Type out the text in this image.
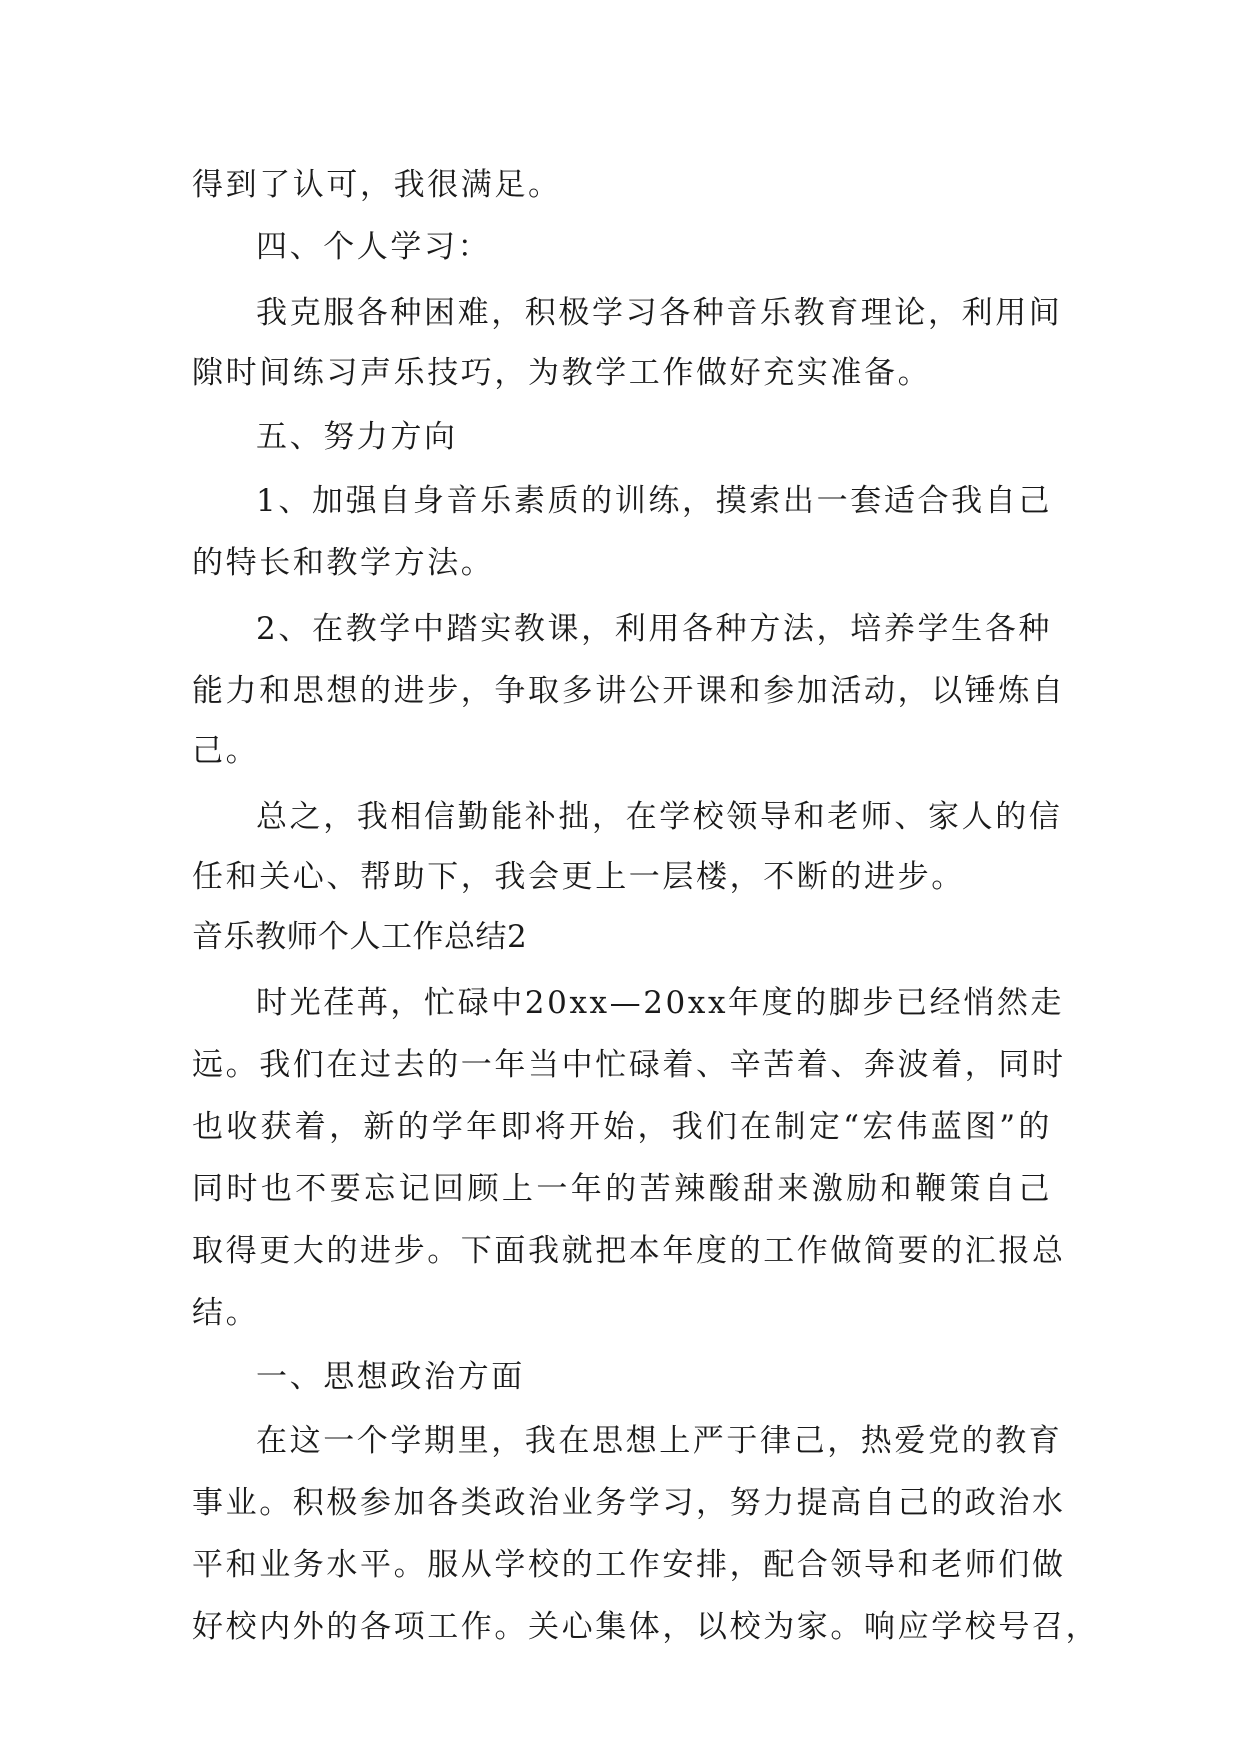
得到了认可，我很满足。
四、个人学习：
我克服各种困难，积极学习各种音乐教育理论，利用间
隙时间练习声乐技巧，为教学工作做好充实准备。
五、努力方向
1、加强自身音乐素质的训练，摸索出一套适合我自己
的特长和教学方法。
2、在教学中踏实教课，利用各种方法，培养学生各种
能力和思想的进步，争取多讲公开课和参加活动，以锤炼自
己。
总之，我相信勤能补拙，在学校领导和老师、家人的信
任和关心、帮助下，我会更上一层楼，不断的进步。
音乐教师个人工作总结2
时光荏苒，忙碌中20xx—20xx年度的脚步已经悄然走
远。我们在过去的一年当中忙碌着、辛苦着、奔波着，同时
也收获着，新的学年即将开始，我们在制定“宏伟蓝图”的
同时也不要忘记回顾上一年的苦辣酸甜来激励和鞭策自己
取得更大的进步。下面我就把本年度的工作做简要的汇报总
结。
一、思想政治方面
在这一个学期里，我在思想上严于律己，热爱党的教育
事业。积极参加各类政治业务学习，努力提高自己的政治水
平和业务水平。服从学校的工作安排，配合领导和老师们做
好校内外的各项工作。关心集体，以校为家。响应学校号召，
